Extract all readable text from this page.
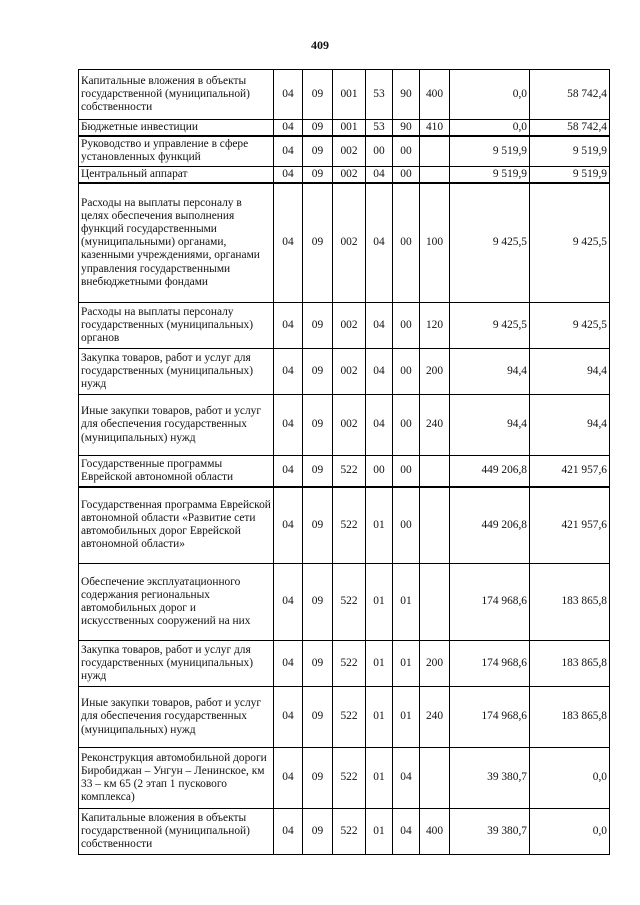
409
Капитальные вложения в объекты государственной (муниципальной) собственности	04	09	001	53	90	400	0,0	58 742,4
Бюджетные инвестиции	04	09	001	53	90	410	0,0	58 742,4
Руководство и управление в сфере установленных функций	04	09	002	00	00		9 519,9	9 519,9
Центральный аппарат	04	09	002	04	00		9 519,9	9 519,9
Расходы на выплаты персоналу в целях обеспечения выполнения функций государственными (муниципальными) органами, казенными учреждениями, органами управления государственными внебюджетными фондами	04	09	002	04	00	100	9 425,5	9 425,5
Расходы на выплаты персоналу государственных (муниципальных) органов	04	09	002	04	00	120	9 425,5	9 425,5
Закупка товаров, работ и услуг для государственных (муниципальных) нужд	04	09	002	04	00	200	94,4	94,4
Иные закупки товаров, работ и услуг для обеспечения государственных (муниципальных) нужд	04	09	002	04	00	240	94,4	94,4
Государственные программы Еврейской автономной области	04	09	522	00	00		449 206,8	421 957,6
Государственная программа Еврейской автономной области «Развитие сети автомобильных дорог Еврейской автономной области»	04	09	522	01	00		449 206,8	421 957,6
Обеспечение эксплуатационного содержания региональных автомобильных дорог и искусственных сооружений на них	04	09	522	01	01		174 968,6	183 865,8
Закупка товаров, работ и услуг для государственных (муниципальных) нужд	04	09	522	01	01	200	174 968,6	183 865,8
Иные закупки товаров, работ и услуг для обеспечения государственных (муниципальных) нужд	04	09	522	01	01	240	174 968,6	183 865,8
Реконструкция автомобильной дороги Биробиджан – Унгун – Ленинское, км 33 – км 65 (2 этап 1 пускового комплекса)	04	09	522	01	04		39 380,7	0,0
Капитальные вложения в объекты государственной (муниципальной) собственности	04	09	522	01	04	400	39 380,7	0,0
